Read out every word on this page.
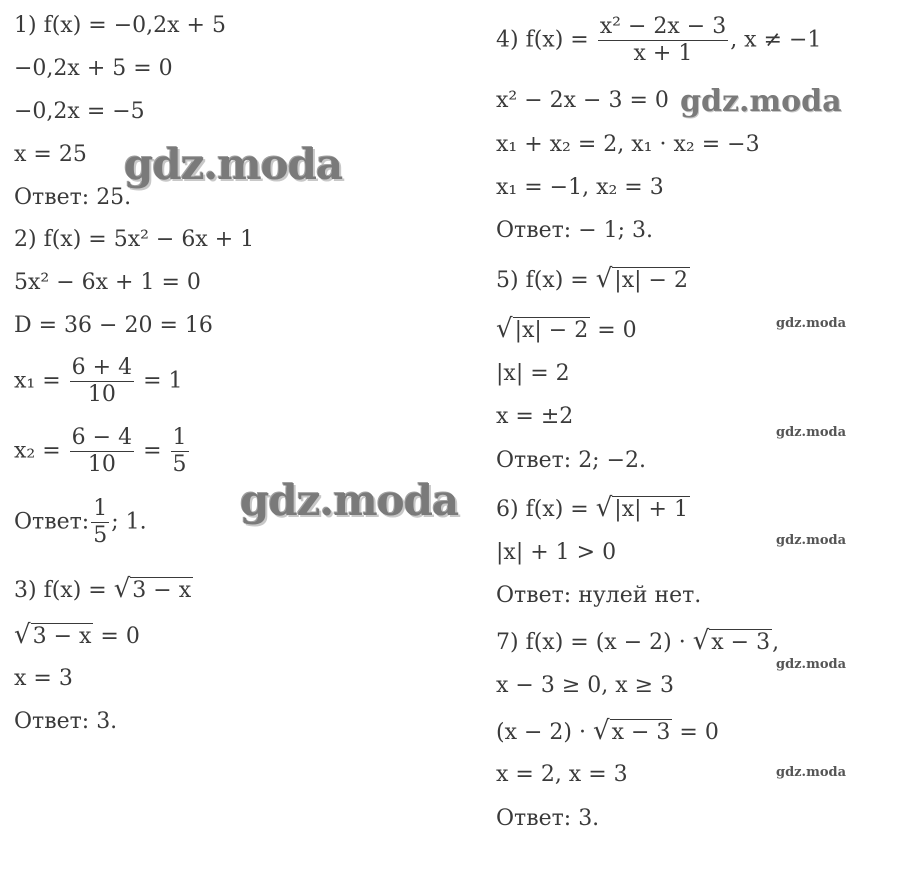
1) f(x) = −0,2x + 5
−0,2x + 5 = 0
−0,2x = −5
x = 25
Ответ: 25.
2) f(x) = 5x² − 6x + 1
5x² − 6x + 1 = 0
D = 36 − 20 = 16
$x_1 = \frac{6 + 4}{10} = 1$
$x_2 = \frac{6 - 4}{10} = \frac{1}{5}$
Ответ: $\frac{1}{5}$ ; 1.
3) f(x) = √3 − x
√3 − x = 0
x = 3
Ответ: 3.
4) $f(x) = \frac{\text{x² − 2x − 3}}{x + 1}$ , x ≠ −1
x² − 2x − 3 = 0
x₁ + x₂ = 2, x₁ · x₂ = −3
x₁ = −1, x₂ = 3
Ответ: − 1; 3.
5) f(x) = √|x| − 2
√|x| − 2 = 0
|x| = 2
x = ±2
Ответ: 2; −2.
6) f(x) = √|x| + 1
|x| + 1 > 0
Ответ: нулей нет.
7) f(x) = (x − 2) · √x − 3,
x − 3 ≥ 0, x ≥ 3
(x − 2) · √x − 3 = 0
x = 2, x = 3
Ответ: 3.
gdz.moda
gdz.moda
gdz.moda
gdz.moda
gdz.moda
gdz.moda
gdz.moda
gdz.moda
